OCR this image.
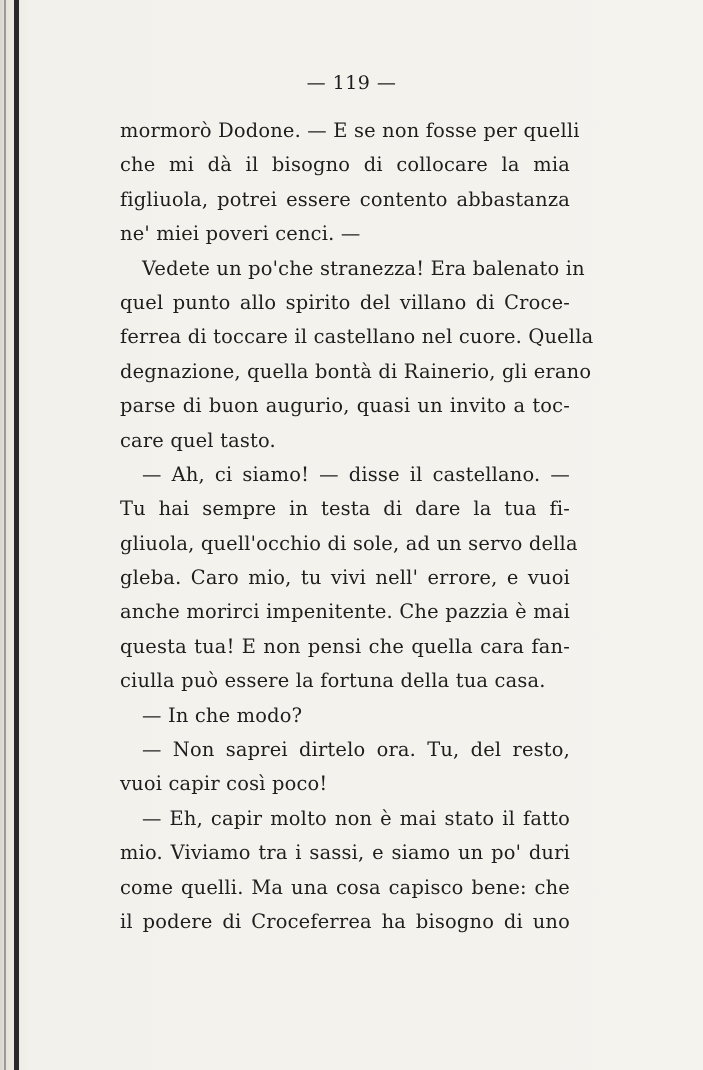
— 119 —
mormorò Dodone. — E se non fosse per quelli
che mi dà il bisogno di collocare la mia
figliuola, potrei essere contento abbastanza
ne' miei poveri cenci. —
Vedete un po'che stranezza! Era balenato in
quel punto allo spirito del villano di Croce-
ferrea di toccare il castellano nel cuore. Quella
degnazione, quella bontà di Rainerio, gli erano
parse di buon augurio, quasi un invito a toc-
care quel tasto.
— Ah, ci siamo! — disse il castellano. —
Tu hai sempre in testa di dare la tua fi-
gliuola, quell'occhio di sole, ad un servo della
gleba. Caro mio, tu vivi nell' errore, e vuoi
anche morirci impenitente. Che pazzia è mai
questa tua! E non pensi che quella cara fan-
ciulla può essere la fortuna della tua casa.
— In che modo?
— Non saprei dirtelo ora. Tu, del resto,
vuoi capir così poco!
— Eh, capir molto non è mai stato il fatto
mio. Viviamo tra i sassi, e siamo un po' duri
come quelli. Ma una cosa capisco bene: che
il podere di Croceferrea ha bisogno di uno
